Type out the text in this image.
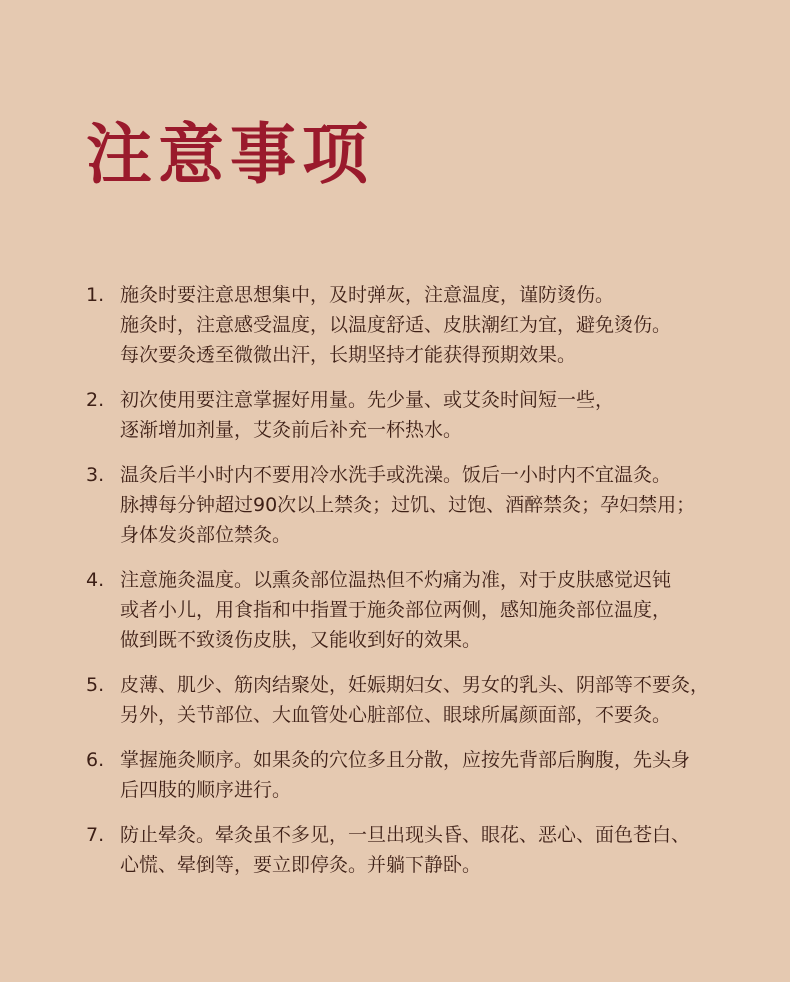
注意事项
1. 施灸时要注意思想集中，及时弹灰，注意温度，谨防烫伤。
施灸时，注意感受温度，以温度舒适、皮肤潮红为宜，避免烫伤。
每次要灸透至微微出汗，长期坚持才能获得预期效果。
2. 初次使用要注意掌握好用量。先少量、或艾灸时间短一些，
逐渐增加剂量，艾灸前后补充一杯热水。
3. 温灸后半小时内不要用冷水洗手或洗澡。饭后一小时内不宜温灸。
脉搏每分钟超过90次以上禁灸；过饥、过饱、酒醉禁灸；孕妇禁用；
身体发炎部位禁灸。
4. 注意施灸温度。以熏灸部位温热但不灼痛为准，对于皮肤感觉迟钝
或者小儿，用食指和中指置于施灸部位两侧，感知施灸部位温度，
做到既不致烫伤皮肤，又能收到好的效果。
5. 皮薄、肌少、筋肉结聚处，妊娠期妇女、男女的乳头、阴部等不要灸，
另外，关节部位、大血管处心脏部位、眼球所属颜面部，不要灸。
6. 掌握施灸顺序。如果灸的穴位多且分散，应按先背部后胸腹，先头身
后四肢的顺序进行。
7. 防止晕灸。晕灸虽不多见，一旦出现头昏、眼花、恶心、面色苍白、
心慌、晕倒等，要立即停灸。并躺下静卧。
